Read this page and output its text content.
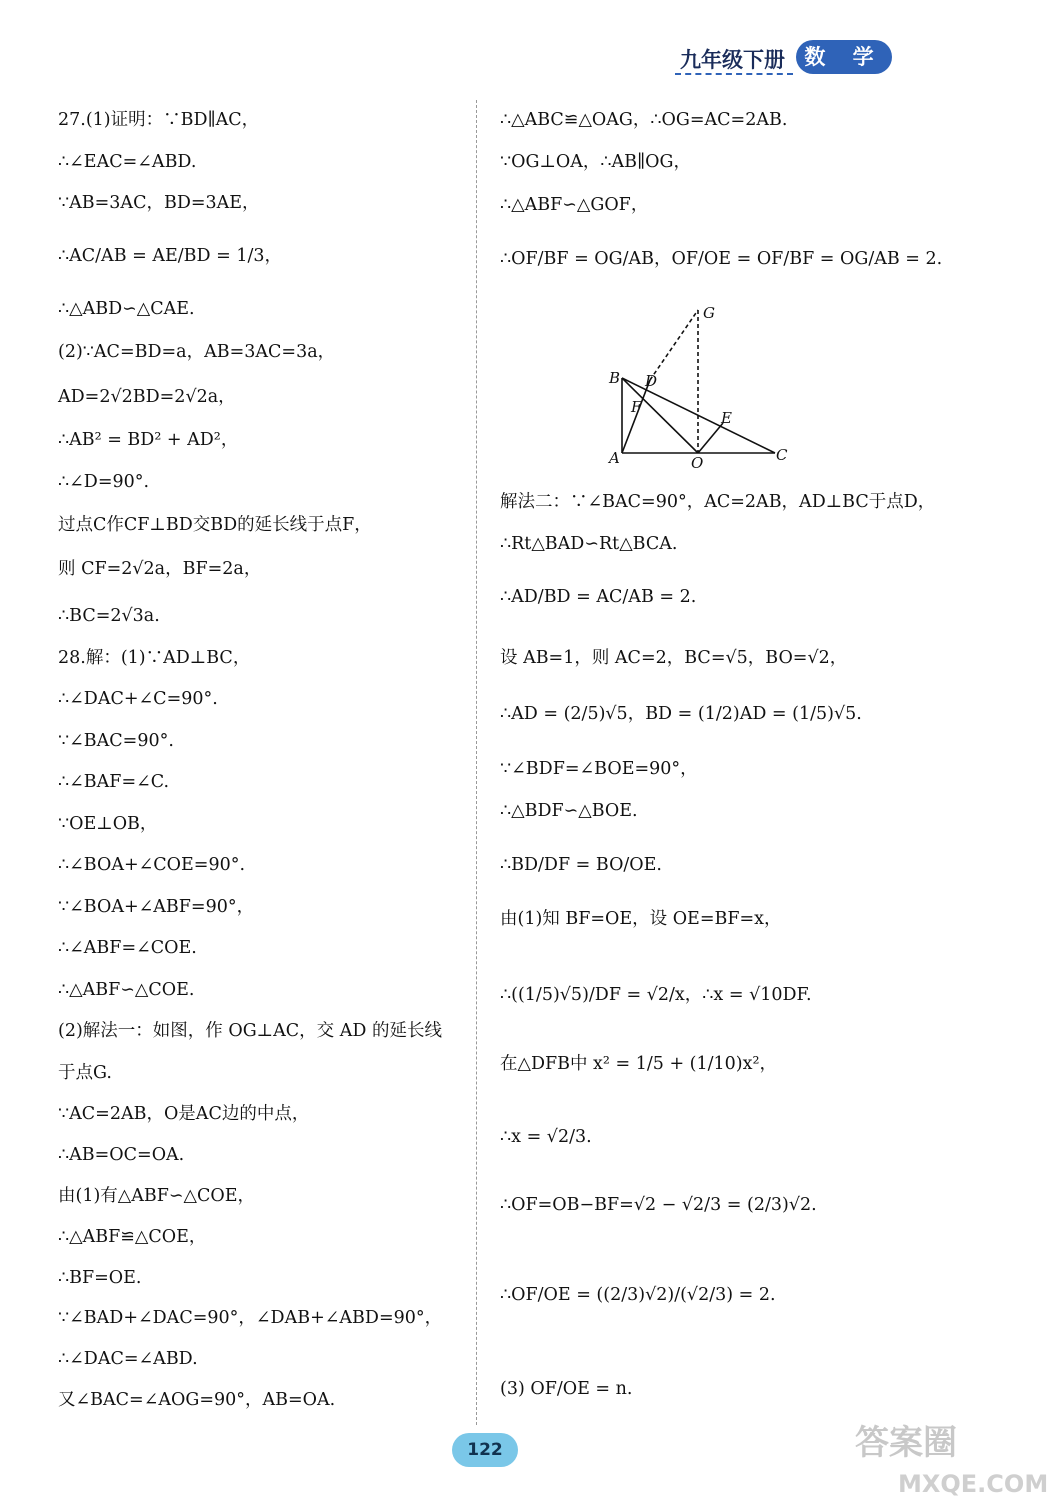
九年级下册 数 学
27.(1)证明：∵BD∥AC，
∴∠EAC=∠ABD.
∵AB=3AC，BD=3AE，
∴AC/AB = AE/BD = 1/3，
∴△ABD∽△CAE.
(2)∵AC=BD=a，AB=3AC=3a，
AD=2√2BD=2√2a，
∴AB² = BD² + AD²，
∴∠D=90°.
过点C作CF⊥BD交BD的延长线于点F，
则 CF=2√2a，BF=2a，
∴BC=2√3a.
28.解：(1)∵AD⊥BC，
∴∠DAC+∠C=90°.
∵∠BAC=90°.
∴∠BAF=∠C.
∵OE⊥OB，
∴∠BOA+∠COE=90°.
∵∠BOA+∠ABF=90°，
∴∠ABF=∠COE.
∴△ABF∽△COE.
(2)解法一：如图，作 OG⊥AC，交 AD 的延长线
于点G.
∵AC=2AB，O是AC边的中点，
∴AB=OC=OA.
由(1)有△ABF∽△COE，
∴△ABF≌△COE，
∴BF=OE.
∵∠BAD+∠DAC=90°，∠DAB+∠ABD=90°，
∴∠DAC=∠ABD.
又∠BAC=∠AOG=90°，AB=OA.
∴△ABC≌△OAG，∴OG=AC=2AB.
∵OG⊥OA，∴AB∥OG，
∴△ABF∽△GOF，
∴OF/BF = OG/AB，OF/OE = OF/BF = OG/AB = 2.
G
B D
F
E
A	O	C
解法二：∵∠BAC=90°，AC=2AB，AD⊥BC于点D，
∴Rt△BAD∽Rt△BCA.
∴AD/BD = AC/AB = 2.
设 AB=1，则 AC=2，BC=√5，BO=√2，
∴AD = (2/5)√5，BD = (1/2)AD = (1/5)√5.
∵∠BDF=∠BOE=90°，
∴△BDF∽△BOE.
∴BD/DF = BO/OE.
由(1)知 BF=OE，设 OE=BF=x，
∴((1/5)√5)/DF = √2/x，∴x = √10DF.
在△DFB中 x² = 1/5 + (1/10)x²，
∴x = √2/3.
∴OF=OB−BF=√2 − √2/3 = (2/3)√2.
∴OF/OE = ((2/3)√2)/(√2/3) = 2.
(3) OF/OE = n.
122	答案圈
MXQE.COM
